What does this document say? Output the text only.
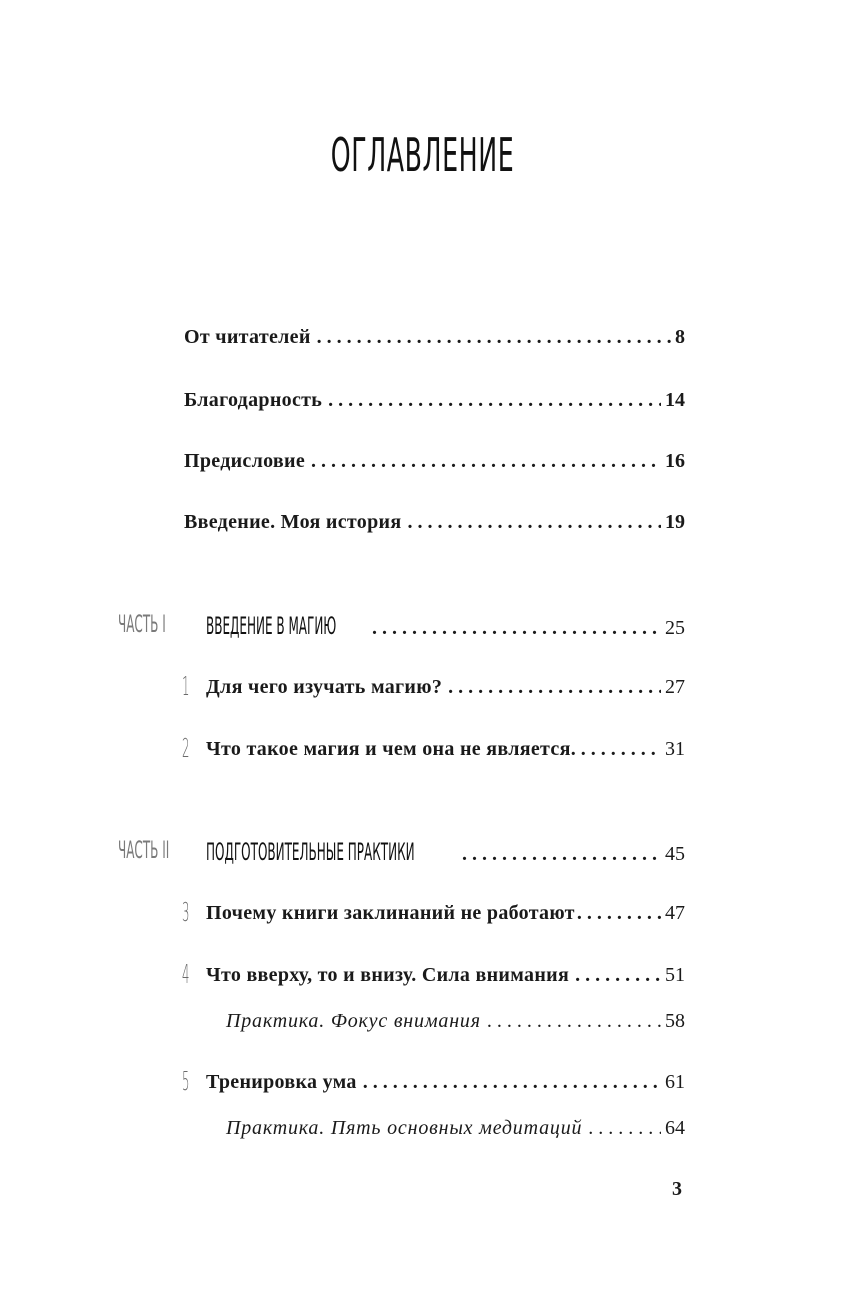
ОГЛАВЛЕНИЕ
От читателей . . .	8
Благодарность . . .	14
Предисловие . . .	16
Введение. Моя история . . .	19
ЧАСТЬ I ВВЕДЕНИЕ В МАГИЮ . . .	25
1 Для чего изучать магию? . . .	27
2 Что такое магия и чем она не является . . .	31
ЧАСТЬ II ПОДГОТОВИТЕЛЬНЫЕ ПРАКТИКИ . . .	45
3 Почему книги заклинаний не работают . . .	47
4 Что вверху, то и внизу. Сила внимания . . .	51
Практика. Фокус внимания . . .	58
5 Тренировка ума . . .	61
Практика. Пять основных медитаций . . .	64
3
